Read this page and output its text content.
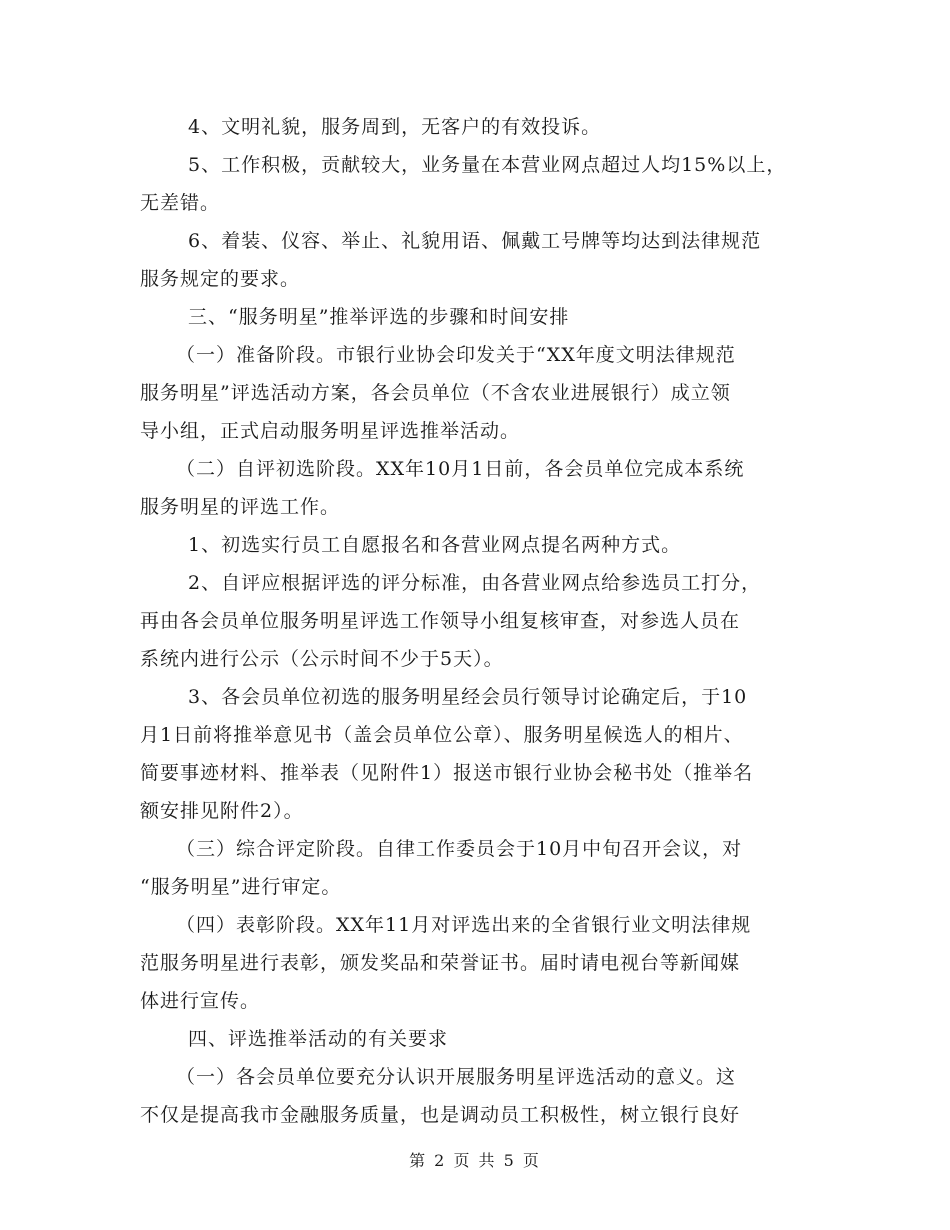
4、文明礼貌，服务周到，无客户的有效投诉。
5、工作积极，贡献较大，业务量在本营业网点超过人均15%以上，
无差错。
6、着装、仪容、举止、礼貌用语、佩戴工号牌等均达到法律规范
服务规定的要求。
三、“服务明星”推举评选的步骤和时间安排
（一）准备阶段。市银行业协会印发关于“XX年度文明法律规范
服务明星”评选活动方案，各会员单位（不含农业进展银行）成立领
导小组，正式启动服务明星评选推举活动。
（二）自评初选阶段。XX年10月1日前，各会员单位完成本系统
服务明星的评选工作。
1、初选实行员工自愿报名和各营业网点提名两种方式。
2、自评应根据评选的评分标准，由各营业网点给参选员工打分，
再由各会员单位服务明星评选工作领导小组复核审查，对参选人员在
系统内进行公示（公示时间不少于5天）。
3、各会员单位初选的服务明星经会员行领导讨论确定后，于10
月1日前将推举意见书（盖会员单位公章）、服务明星候选人的相片、
简要事迹材料、推举表（见附件1）报送市银行业协会秘书处（推举名
额安排见附件2）。
（三）综合评定阶段。自律工作委员会于10月中旬召开会议，对
“服务明星”进行审定。
（四）表彰阶段。XX年11月对评选出来的全省银行业文明法律规
范服务明星进行表彰，颁发奖品和荣誉证书。届时请电视台等新闻媒
体进行宣传。
四、评选推举活动的有关要求
（一）各会员单位要充分认识开展服务明星评选活动的意义。这
不仅是提高我市金融服务质量，也是调动员工积极性，树立银行良好
第 2 页 共 5 页
